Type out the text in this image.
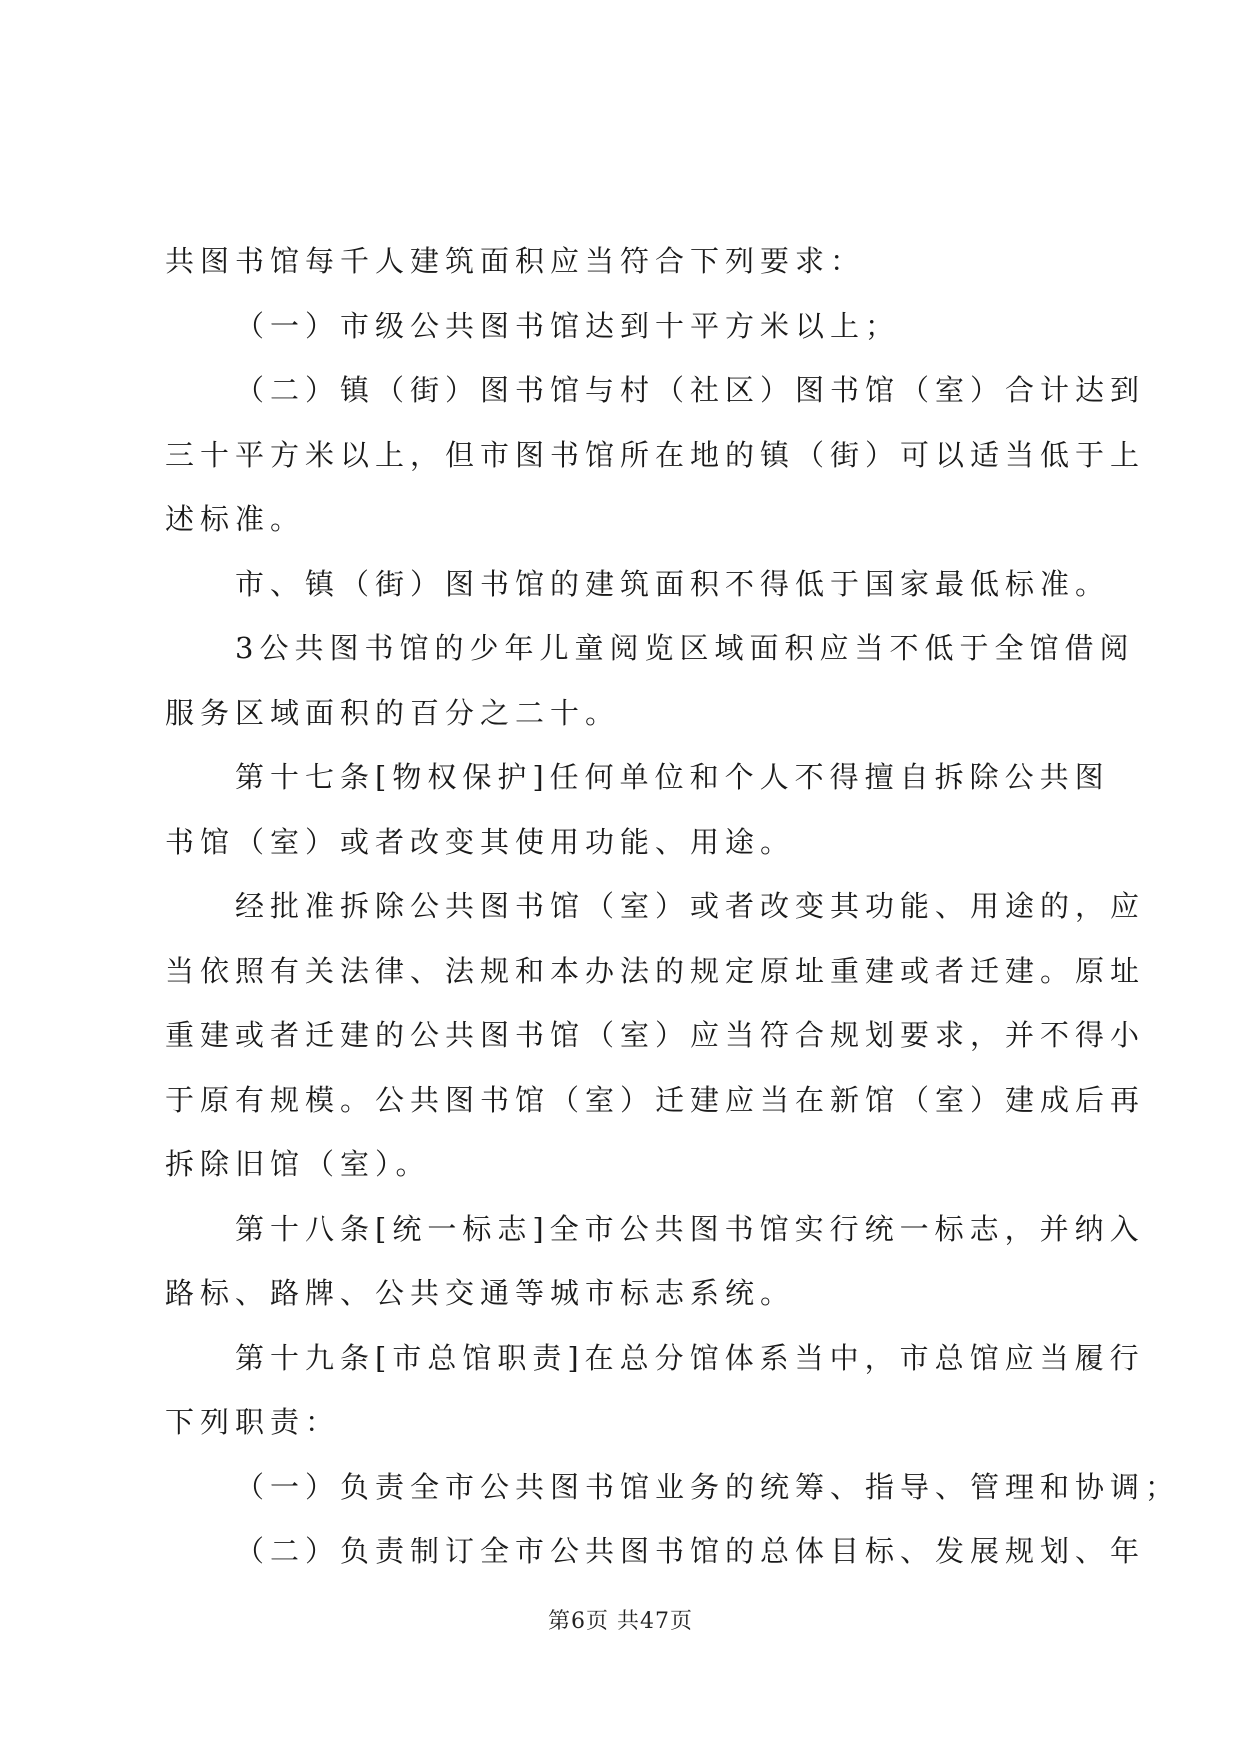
共图书馆每千人建筑面积应当符合下列要求：
（一）市级公共图书馆达到十平方米以上；
（二）镇（街）图书馆与村（社区）图书馆（室）合计达到
三十平方米以上，但市图书馆所在地的镇（街）可以适当低于上
述标准。
市、镇（街）图书馆的建筑面积不得低于国家最低标准。
3公共图书馆的少年儿童阅览区域面积应当不低于全馆借阅
服务区域面积的百分之二十。
第十七条[物权保护]任何单位和个人不得擅自拆除公共图
书馆（室）或者改变其使用功能、用途。
经批准拆除公共图书馆（室）或者改变其功能、用途的，应
当依照有关法律、法规和本办法的规定原址重建或者迁建。原址
重建或者迁建的公共图书馆（室）应当符合规划要求，并不得小
于原有规模。公共图书馆（室）迁建应当在新馆（室）建成后再
拆除旧馆（室）。
第十八条[统一标志]全市公共图书馆实行统一标志，并纳入
路标、路牌、公共交通等城市标志系统。
第十九条[市总馆职责]在总分馆体系当中，市总馆应当履行
下列职责：
（一）负责全市公共图书馆业务的统筹、指导、管理和协调；
（二）负责制订全市公共图书馆的总体目标、发展规划、年
第6页 共47页
